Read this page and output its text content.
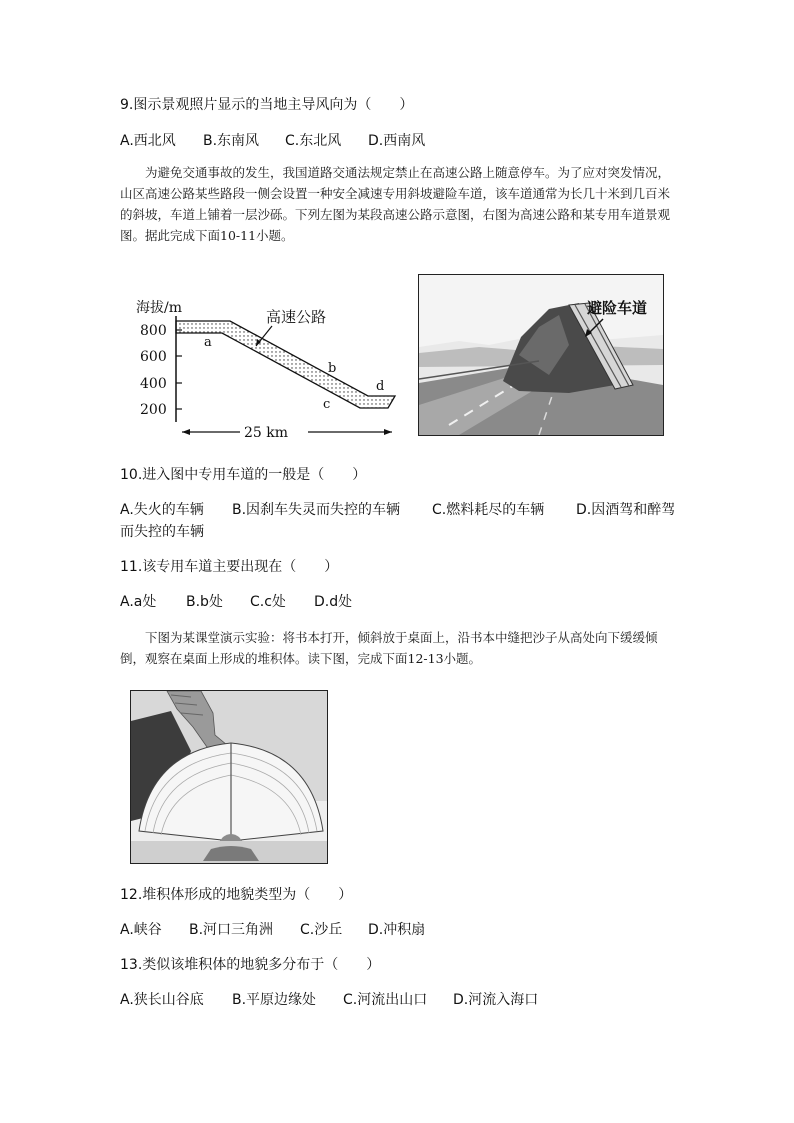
9.图示景观照片显示的当地主导风向为（　　）
A.西北风 B.东南风 C.东北风 D.西南风

为避免交通事故的发生，我国道路交通法规定禁止在高速公路上随意停车。为了应对突发情况，山区高速公路某些路段一侧会设置一种安全减速专用斜坡避险车道，该车道通常为长几十米到几百米的斜坡，车道上铺着一层沙砾。下列左图为某段高速公路示意图，右图为高速公路和某专用车道景观图。据此完成下面10-11小题。

海拔/m
800
600
400
200
高速公路
a
b
c
d
25 km
避险车道
10.进入图中专用车道的一般是（　　）
A.失火的车辆 B.因刹车失灵而失控的车辆 C.燃料耗尽的车辆 D.因酒驾和醉驾
而失控的车辆
11.该专用车道主要出现在（　　）
A.a处 B.b处 C.c处 D.d处

下图为某课堂演示实验：将书本打开，倾斜放于桌面上，沿书本中缝把沙子从高处向下缓缓倾倒，观察在桌面上形成的堆积体。读下图，完成下面12-13小题。

12.堆积体形成的地貌类型为（　　）
A.峡谷 B.河口三角洲 C.沙丘 D.冲积扇
13.类似该堆积体的地貌多分布于（　　）
A.狭长山谷底 B.平原边缘处 C.河流出山口 D.河流入海口
